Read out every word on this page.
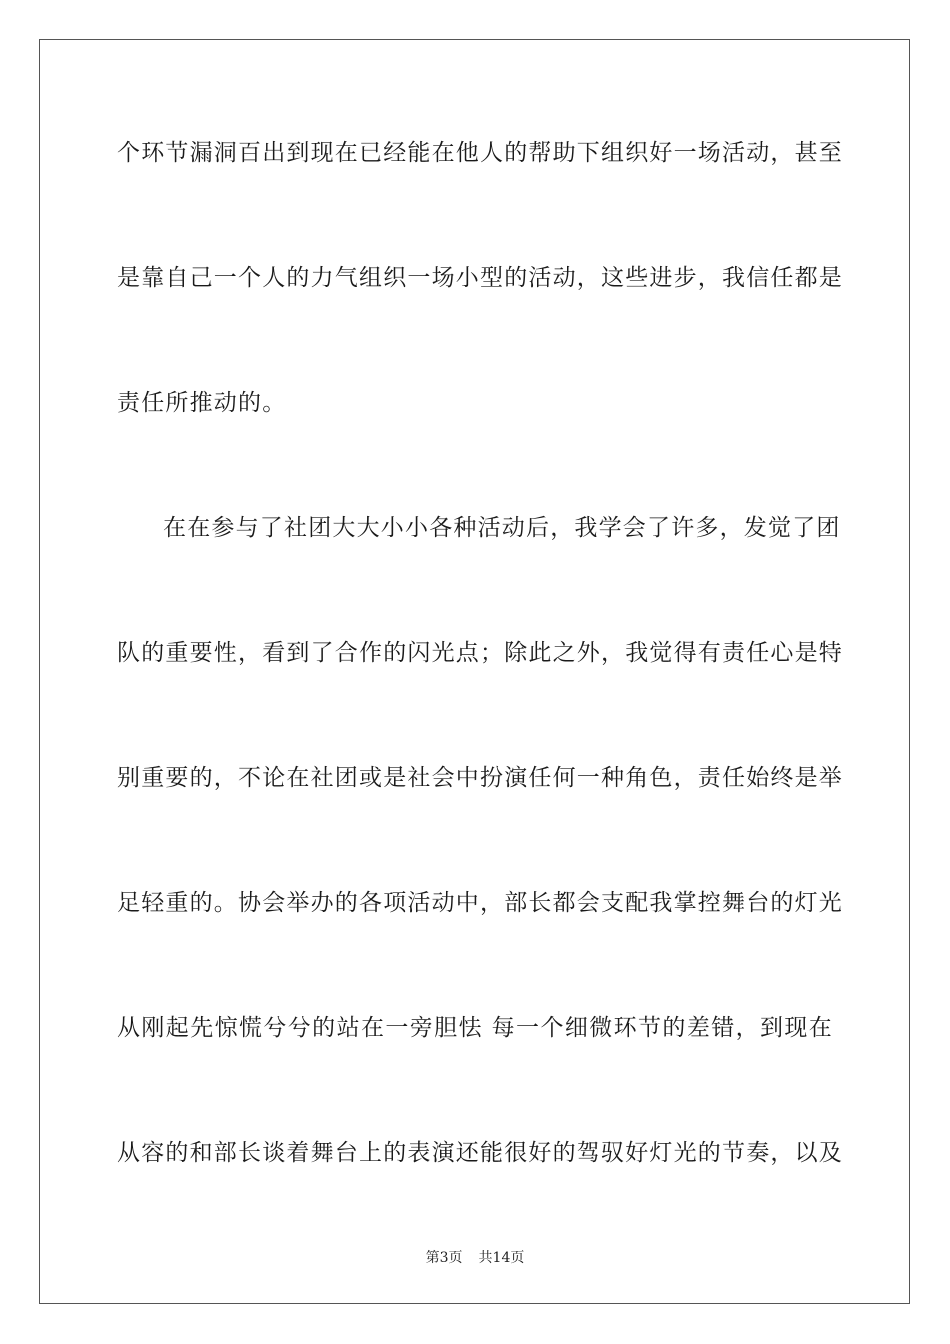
个环节漏洞百出到现在已经能在他人的帮助下组织好一场活动，甚至
是靠自己一个人的力气组织一场小型的活动，这些进步，我信任都是
责任所推动的。
在在参与了社团大大小小各种活动后，我学会了许多，发觉了团
队的重要性，看到了合作的闪光点；除此之外，我觉得有责任心是特
别重要的，不论在社团或是社会中扮演任何一种角色，责任始终是举
足轻重的。协会举办的各项活动中，部长都会支配我掌控舞台的灯光
从刚起先惊慌兮兮的站在一旁胆怯 每一个细微环节的差错，到现在
从容的和部长谈着舞台上的表演还能很好的驾驭好灯光的节奏，以及
第3页 共14页
